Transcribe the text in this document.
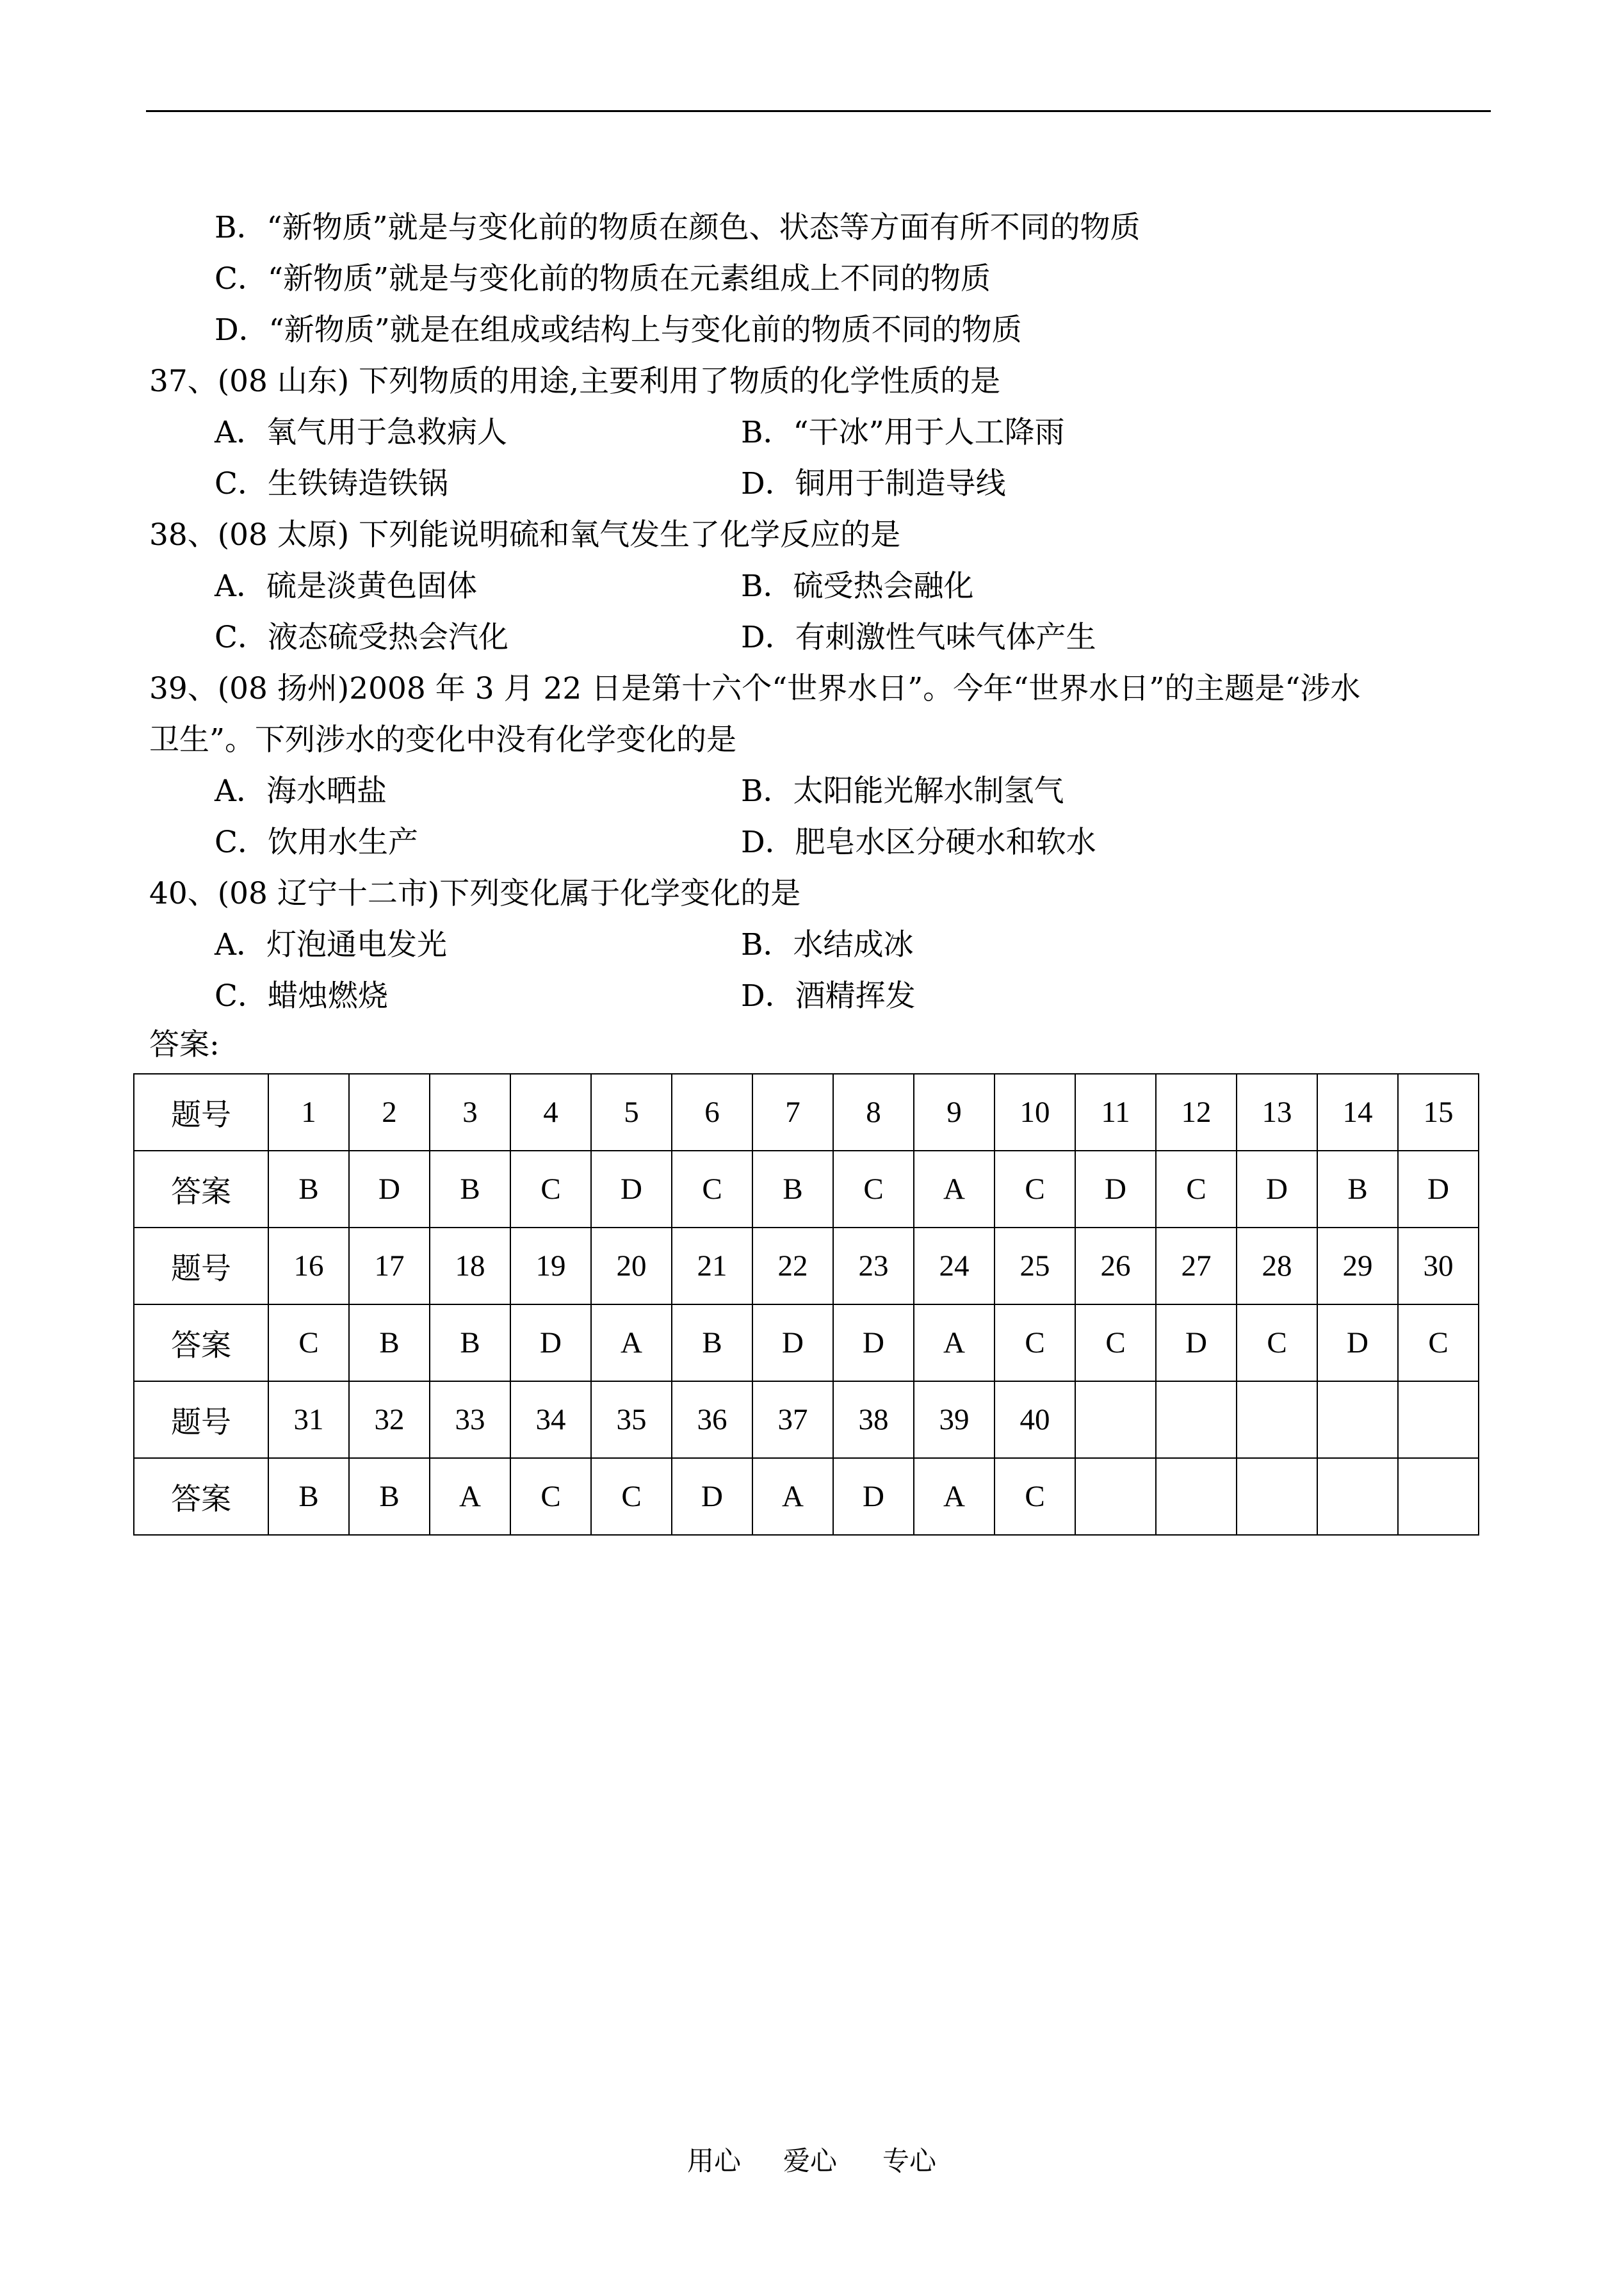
B．“新物质”就是与变化前的物质在颜色、状态等方面有所不同的物质
C．“新物质”就是与变化前的物质在元素组成上不同的物质
D．“新物质”就是在组成或结构上与变化前的物质不同的物质
37、(08 山东) 下列物质的用途,主要利用了物质的化学性质的是
A．氧气用于急救病人	B．“干冰”用于人工降雨
C．生铁铸造铁锅	D．铜用于制造导线
38、(08 太原) 下列能说明硫和氧气发生了化学反应的是
A．硫是淡黄色固体	B．硫受热会融化
C．液态硫受热会汽化	D．有刺激性气味气体产生
39、(08 扬州)2008 年 3 月 22 日是第十六个“世界水日”。今年“世界水日”的主题是“涉水
卫生”。下列涉水的变化中没有化学变化的是
A．海水晒盐	B．太阳能光解水制氢气
C．饮用水生产	D．肥皂水区分硬水和软水
40、(08 辽宁十二市)下列变化属于化学变化的是
A．灯泡通电发光	B．水结成冰
C．蜡烛燃烧	D．酒精挥发
答案:
题号	1	2	3	4	5	6	7	8	9	10	11	12	13	14	15
答案	B	D	B	C	D	C	B	C	A	C	D	C	D	B	D
题号	16	17	18	19	20	21	22	23	24	25	26	27	28	29	30
答案	C	B	B	D	A	B	D	D	A	C	C	D	C	D	C
题号	31	32	33	34	35	36	37	38	39	40					
答案	B	B	A	C	C	D	A	D	A	C					
用心 爱心 专心
